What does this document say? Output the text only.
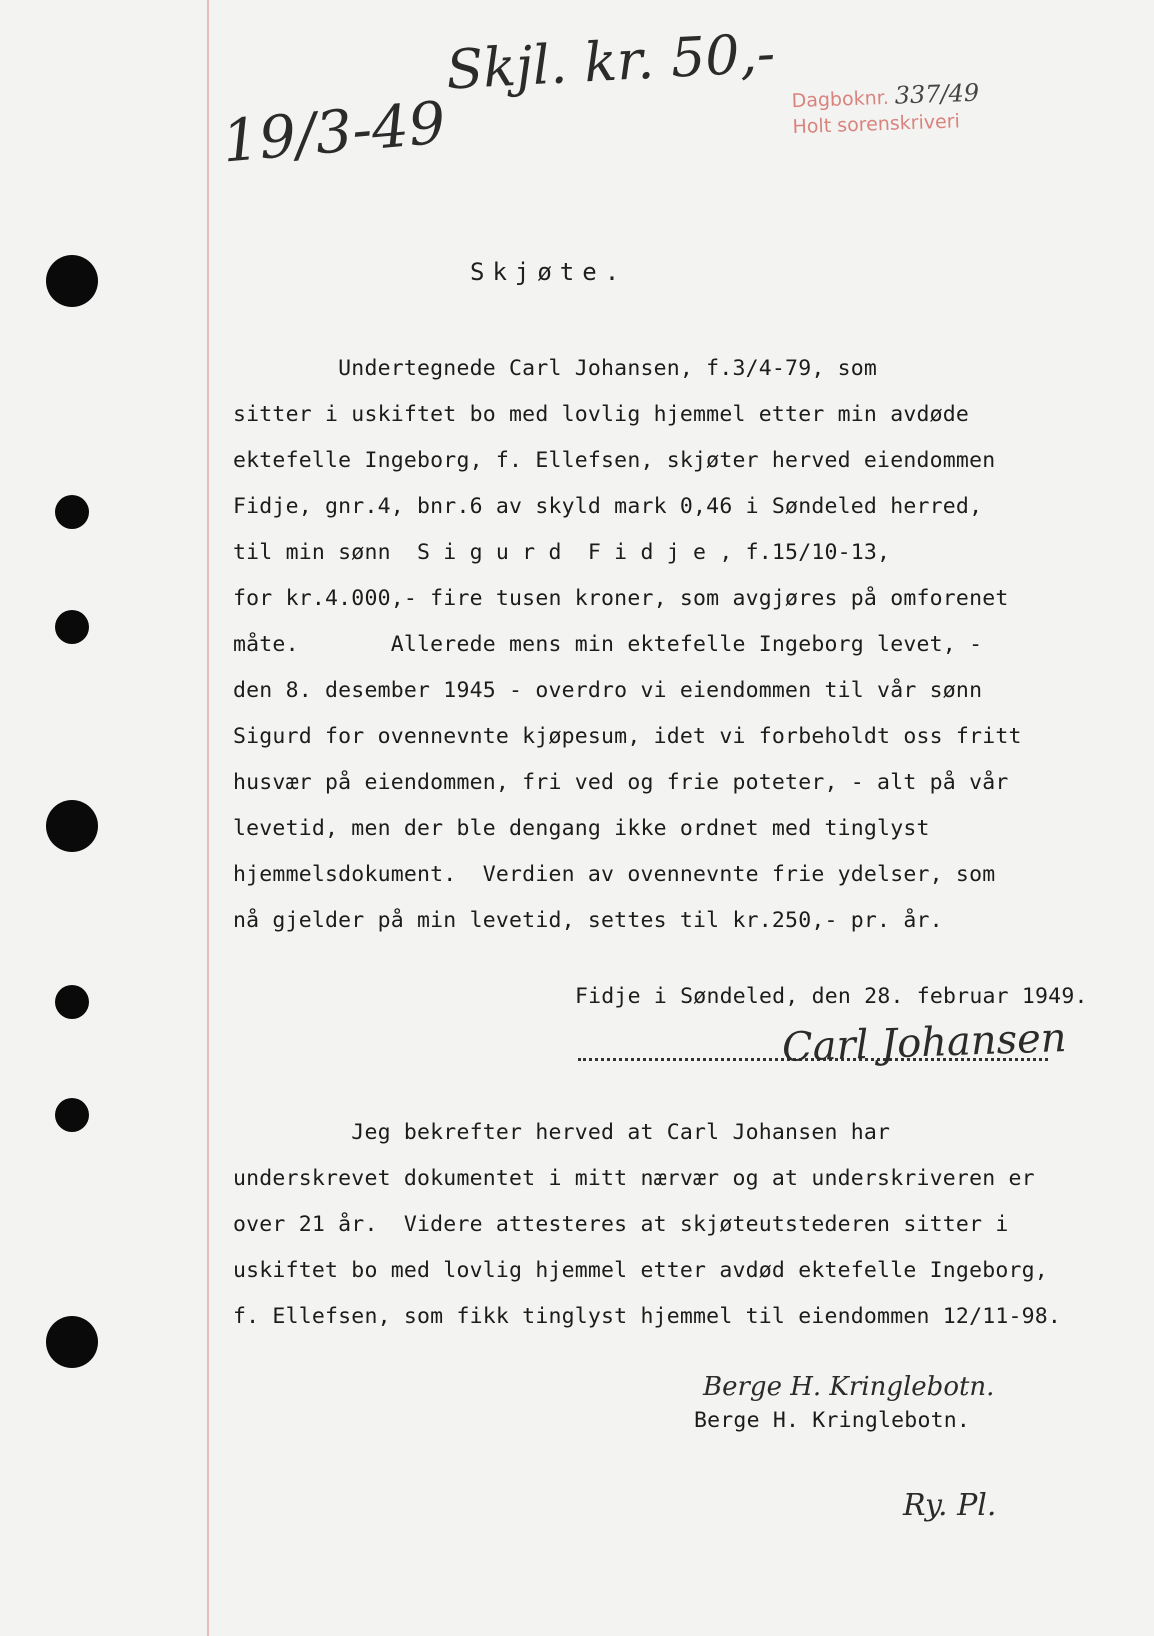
19/3-49
Skjl. kr. 50,- Dagboknr. 337/49
Holt sorenskriveri
Skjøte.
Undertegnede Carl Johansen, f.3/4-79, som
sitter i uskiftet bo med lovlig hjemmel etter min avdøde
ektefelle Ingeborg, f. Ellefsen, skjøter herved eiendommen
Fidje, gnr.4, bnr.6 av skyld mark 0,46 i Søndeled herred,
til min sønn  S i g u r d  F i d j e , f.15/10-13,
for kr.4.000,- fire tusen kroner, som avgjøres på omforenet
måte.       Allerede mens min ektefelle Ingeborg levet, -
den 8. desember 1945 - overdro vi eiendommen til vår sønn
Sigurd for ovennevnte kjøpesum, idet vi forbeholdt oss fritt
husvær på eiendommen, fri ved og frie poteter, - alt på vår
levetid, men der ble dengang ikke ordnet med tinglyst
hjemmelsdokument.  Verdien av ovennevnte frie ydelser, som
nå gjelder på min levetid, settes til kr.250,- pr. år.
Fidje i Søndeled, den 28. februar 1949.
Carl Johansen
Jeg bekrefter herved at Carl Johansen har
underskrevet dokumentet i mitt nærvær og at underskriveren er
over 21 år.  Videre attesteres at skjøteutstederen sitter i
uskiftet bo med lovlig hjemmel etter avdød ektefelle Ingeborg,
f. Ellefsen, som fikk tinglyst hjemmel til eiendommen 12/11-98.
Berge H. Kringlebotn.
Berge H. Kringlebotn.
Ry. Pl.
